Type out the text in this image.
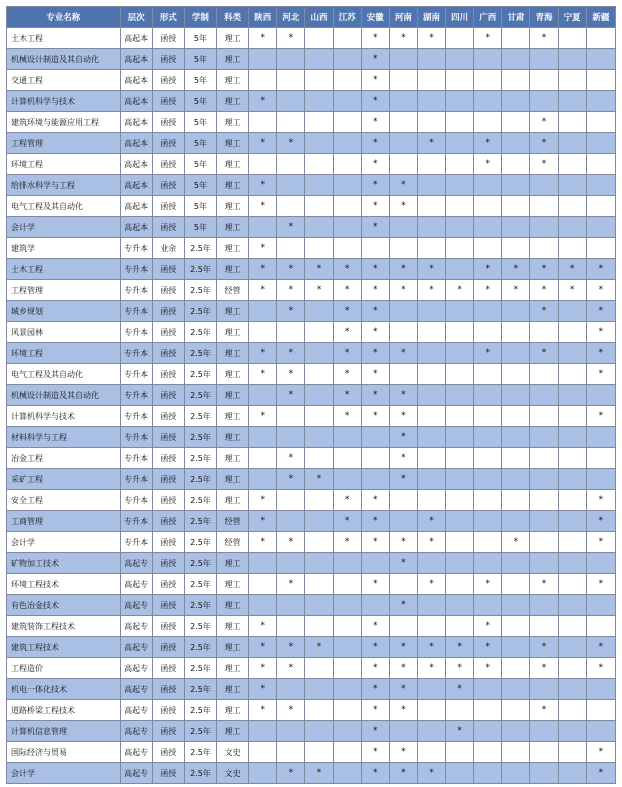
专业名称	层次	形式	学制	科类	陕西	河北	山西	江苏	安徽	河南	湖南	四川	广西	甘肃	青海	宁夏	新疆
土木工程	高起本	函授	5年	理工	*	*			*	*	*		*		*		
机械设计制造及其自动化	高起本	函授	5年	理工					*								
交通工程	高起本	函授	5年	理工					*								
计算机科学与技术	高起本	函授	5年	理工	*				*								
建筑环境与能源应用工程	高起本	函授	5年	理工					*						*		
工程管理	高起本	函授	5年	理工	*	*			*		*		*		*		
环境工程	高起本	函授	5年	理工					*				*		*		
给排水科学与工程	高起本	函授	5年	理工	*				*	*							
电气工程及其自动化	高起本	函授	5年	理工	*				*	*							
会计学	高起本	函授	5年	理工		*			*								
建筑学	专升本	业余	2.5年	理工	*												
土木工程	专升本	函授	2.5年	理工	*	*	*	*	*	*	*		*	*	*	*	*
工程管理	专升本	函授	2.5年	经管	*	*	*	*	*	*	*	*	*	*	*	*	*
城乡规划	专升本	函授	2.5年	理工		*		*	*						*		*
风景园林	专升本	函授	2.5年	理工				*	*								*
环境工程	专升本	函授	2.5年	理工	*	*		*	*	*			*		*		*
电气工程及其自动化	专升本	函授	2.5年	理工	*	*		*	*								*
机械设计制造及其自动化	专升本	函授	2.5年	理工		*		*	*	*							
计算机科学与技术	专升本	函授	2.5年	理工	*			*	*	*							*
材料科学与工程	专升本	函授	2.5年	理工						*							
冶金工程	专升本	函授	2.5年	理工		*				*							
采矿工程	专升本	函授	2.5年	理工		*	*			*							
安全工程	专升本	函授	2.5年	理工	*			*	*								*
工商管理	专升本	函授	2.5年	经管	*			*	*		*						*
会计学	专升本	函授	2.5年	经管	*	*		*	*	*	*			*			*
矿物加工技术	高起专	函授	2.5年	理工						*							
环境工程技术	高起专	函授	2.5年	理工		*			*		*		*		*		*
有色冶金技术	高起专	函授	2.5年	理工						*							
建筑装饰工程技术	高起专	函授	2.5年	理工	*				*				*				
建筑工程技术	高起专	函授	2.5年	理工	*	*	*		*	*	*	*	*		*		*
工程造价	高起专	函授	2.5年	理工	*	*			*	*	*	*	*		*		*
机电一体化技术	高起专	函授	2.5年	理工	*				*	*		*					
道路桥梁工程技术	高起专	函授	2.5年	理工	*	*			*	*					*		
计算机信息管理	高起专	函授	2.5年	理工					*			*					
国际经济与贸易	高起专	函授	2.5年	文史					*	*							*
会计学	高起专	函授	2.5年	文史		*	*		*	*	*						*
